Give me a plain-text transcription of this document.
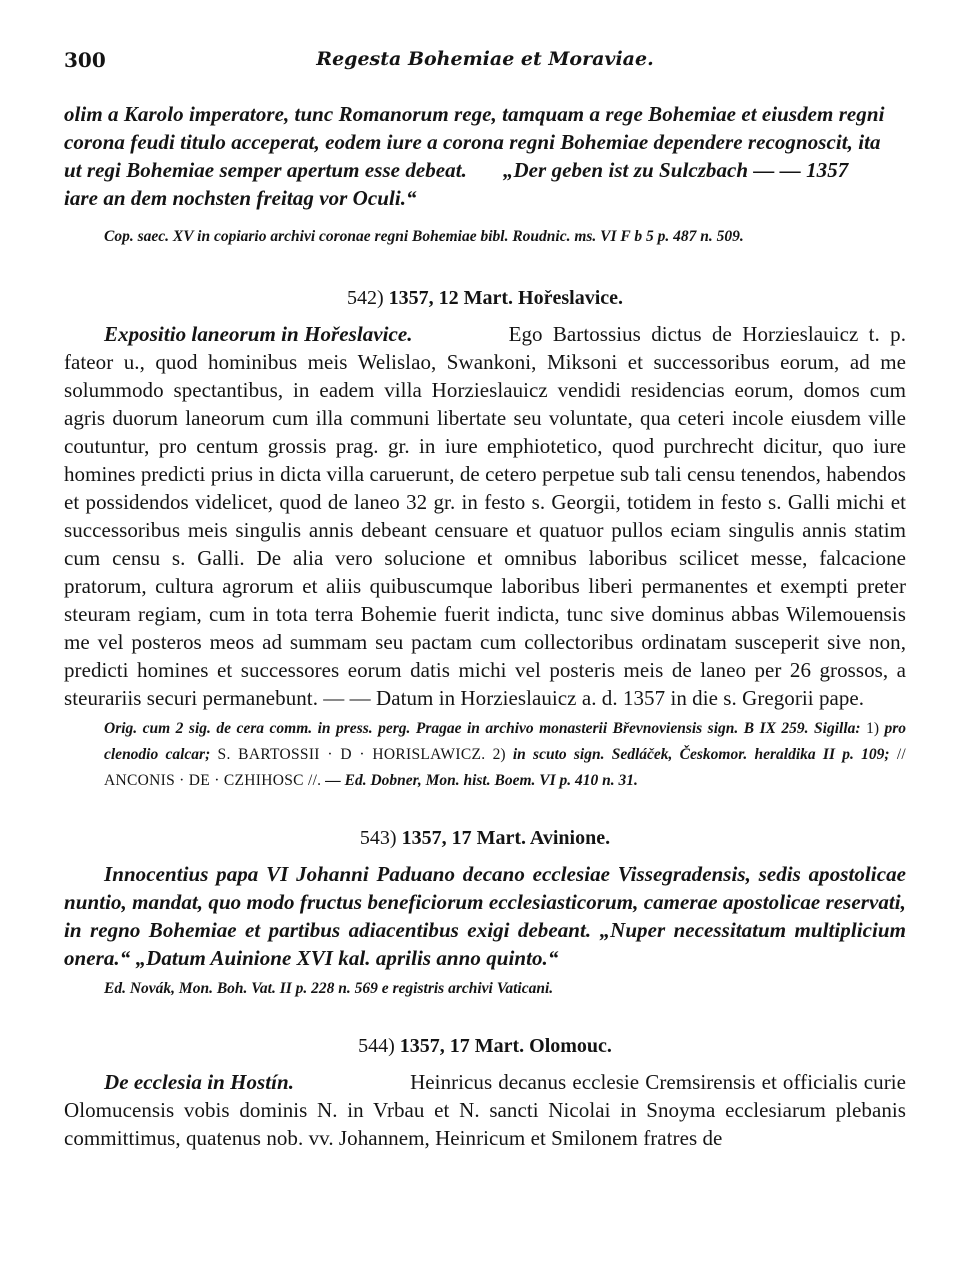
300	Regesta Bohemiae et Moraviae.

olim a Karolo imperatore, tunc Romanorum rege, tamquam a rege Bohemiae et eiusdem regni

corona feudi titulo acceperat, eodem iure a corona regni Bohemiae dependere recognoscit, ita

ut regi Bohemiae semper apertum esse debeat. „Der geben ist zu Sulczbach — — 1357

iare an dem nochsten freitag vor Oculi.“

Cop. saec. XV in copiario archivi coronae regni Bohemiae bibl. Roudnic. ms. VI F b 5 p. 487 n. 509.

542) 1357, 12 Mart. Hořeslavice.

Expositio laneorum in Hořeslavice.	Ego Bartossius dictus de Horzieslauicz t. p. fateor u., quod hominibus meis Welislao, Swankoni, Miksoni et successoribus eorum, ad me solummodo spectantibus, in eadem villa Horzieslauicz vendidi residencias eorum, domos cum agris duorum laneorum cum illa communi libertate seu voluntate, qua ceteri incole eiusdem ville coutuntur, pro centum grossis prag. gr. in iure emphiotetico, quod purchrecht dicitur, quo iure homines predicti prius in dicta villa caruerunt, de cetero perpetue sub tali censu tenendos, habendos et possidendos videlicet, quod de laneo 32 gr. in festo s. Georgii, totidem in festo s. Galli michi et successoribus meis singulis annis debeant censuare et quatuor pullos eciam singulis annis statim cum censu s. Galli. De alia vero solucione et omnibus laboribus scilicet messe, falcacione pratorum, cultura agrorum et aliis quibuscumque laboribus liberi permanentes et exempti preter steuram regiam, cum in tota terra Bohemie fuerit indicta, tunc sive dominus abbas Wilemouensis me vel posteros meos ad summam seu pactam cum collectoribus ordinatam susceperit sive non, predicti homines et successores eorum datis michi vel posteris meis de laneo per 26 grossos, a steurariis securi permanebunt. — — Datum in Horzieslauicz a. d. 1357 in die s. Gregorii pape.

Orig. cum 2 sig. de cera comm. in press. perg. Pragae in archivo monasterii Břevnoviensis sign. B IX 259. Sigilla: 1) pro clenodio calcar; S. BARTOSSII · D · HORISLAWICZ. 2) in scuto sign. Sedláček, Českomor. heraldika II p. 109; // ANCONIS · DE · CZHIHOSC //. — Ed. Dobner, Mon. hist. Boem. VI p. 410 n. 31.

543) 1357, 17 Mart. Avinione.

Innocentius papa VI Johanni Paduano decano ecclesiae Vissegradensis, sedis apostolicae nuntio, mandat, quo modo fructus beneficiorum ecclesiasticorum, camerae apostolicae reservati, in regno Bohemiae et partibus adiacentibus exigi debeant. „Nuper necessitatum multiplicium onera.“ „Datum Auinione XVI kal. aprilis anno quinto.“

Ed. Novák, Mon. Boh. Vat. II p. 228 n. 569 e registris archivi Vaticani.

544) 1357, 17 Mart. Olomouc.

De ecclesia in Hostín.	Heinricus decanus ecclesie Cremsirensis et officialis curie Olomucensis vobis dominis N. in Vrbau et N. sancti Nicolai in Snoyma ecclesiarum plebanis committimus, quatenus nob. vv. Johannem, Heinricum et Smilonem fratres de
